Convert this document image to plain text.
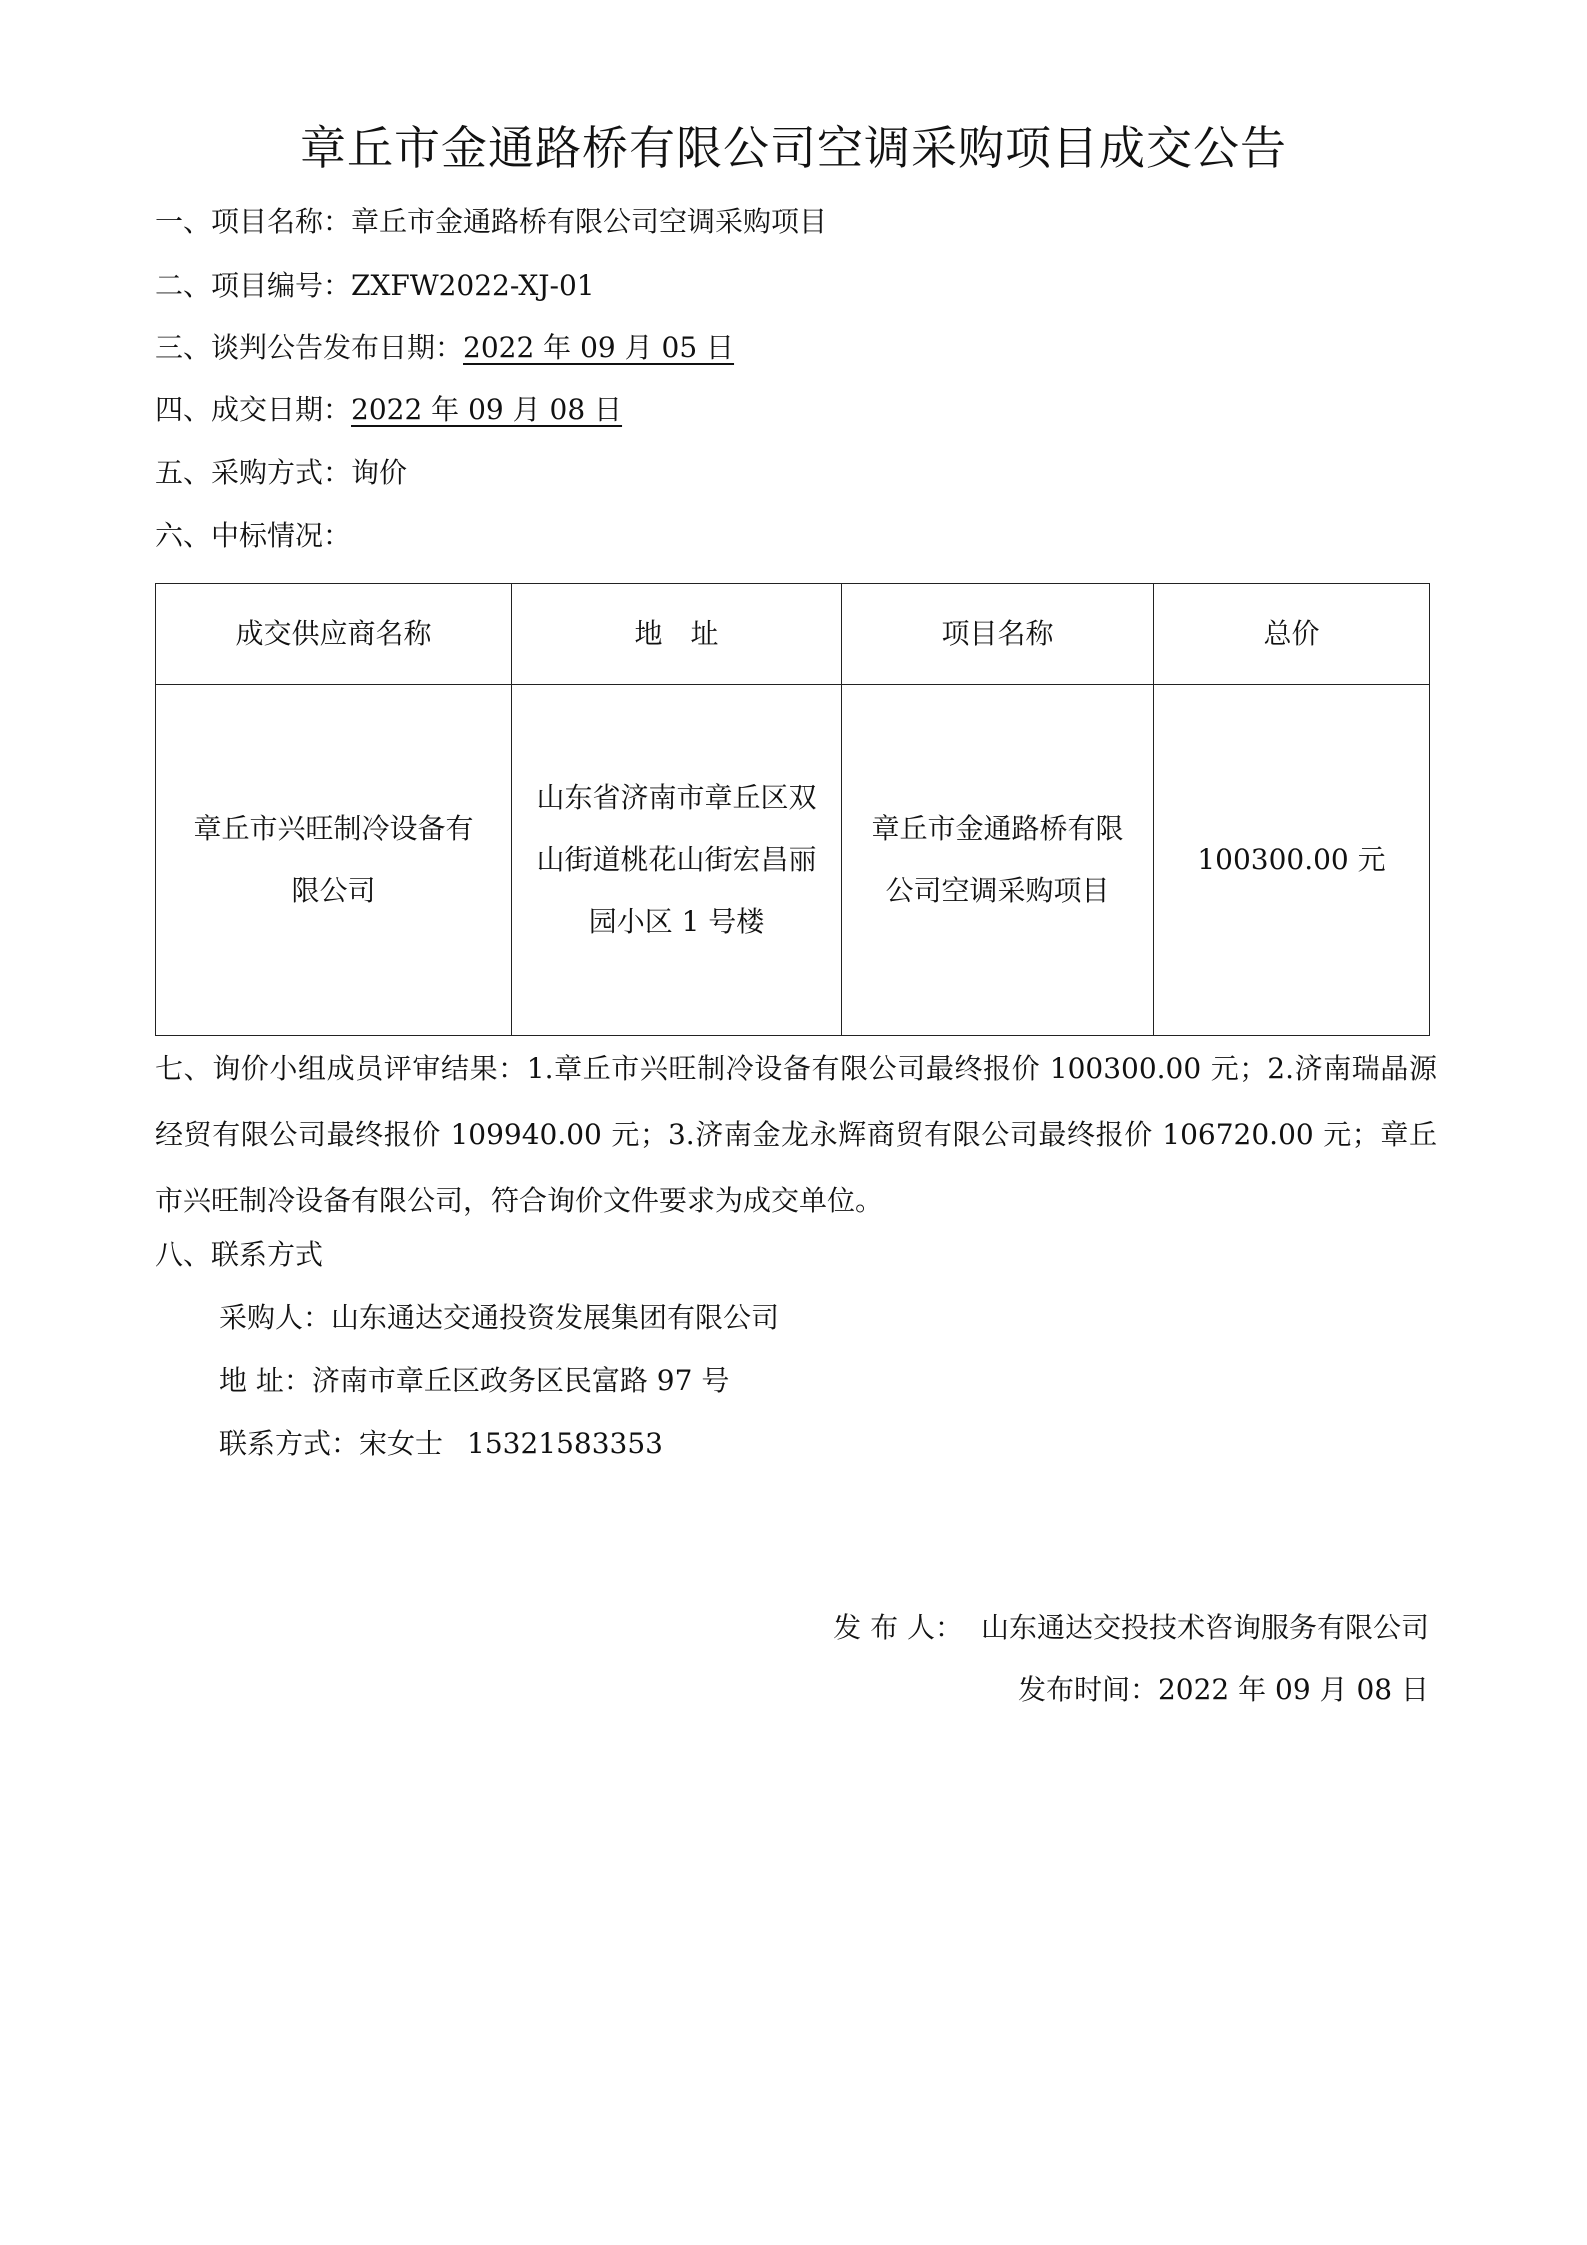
章丘市金通路桥有限公司空调采购项目成交公告
一、项目名称：章丘市金通路桥有限公司空调采购项目
二、项目编号：ZXFW2022-XJ-01
三、谈判公告发布日期：2022 年 09 月 05 日
四、成交日期：2022 年 09 月 08 日
五、采购方式：询价
六、中标情况：
成交供应商名称	地　址	项目名称	总价
章丘市兴旺制冷设备有限公司	山东省济南市章丘区双山街道桃花山街宏昌丽园小区 1 号楼	章丘市金通路桥有限公司空调采购项目	100300.00 元
七、询价小组成员评审结果：1.章丘市兴旺制冷设备有限公司最终报价 100300.00 元；2.济南瑞晶源经贸有限公司最终报价 109940.00 元；3.济南金龙永辉商贸有限公司最终报价 106720.00 元；章丘市兴旺制冷设备有限公司，符合询价文件要求为成交单位。
八、联系方式
采购人：山东通达交通投资发展集团有限公司
地 址：济南市章丘区政务区民富路 97 号
联系方式：宋女士 15321583353
发 布 人： 山东通达交投技术咨询服务有限公司
发布时间：2022 年 09 月 08 日
